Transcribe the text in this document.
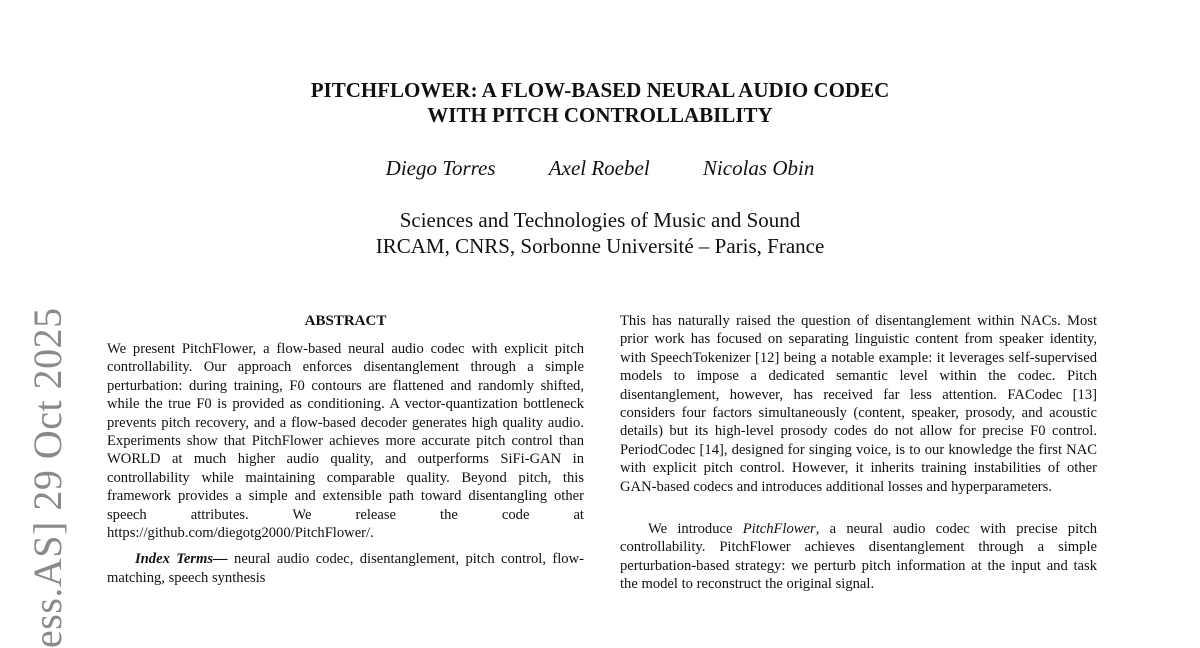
ess.AS] 29 Oct 2025
PITCHFLOWER: A FLOW-BASED NEURAL AUDIO CODEC
WITH PITCH CONTROLLABILITY
Diego Torres	Axel Roebel	Nicolas Obin
Sciences and Technologies of Music and Sound
IRCAM, CNRS, Sorbonne Université – Paris, France
ABSTRACT

We present PitchFlower, a flow-based neural audio codec with explicit pitch controllability. Our approach enforces disentanglement through a simple perturbation: during training, F0 contours are flattened and randomly shifted, while the true F0 is provided as conditioning. A vector-quantization bottleneck prevents pitch recovery, and a flow-based decoder generates high quality audio. Experiments show that PitchFlower achieves more accurate pitch control than WORLD at much higher audio quality, and outperforms SiFi-GAN in controllability while maintaining comparable quality. Beyond pitch, this framework provides a simple and extensible path toward disentangling other speech attributes. We release the code at https://github.com/diegotg2000/PitchFlower/.

Index Terms— neural audio codec, disentanglement, pitch control, flow-matching, speech synthesis

This has naturally raised the question of disentanglement within NACs. Most prior work has focused on separating linguistic content from speaker identity, with SpeechTokenizer [12] being a notable example: it leverages self-supervised models to impose a dedicated semantic level within the codec. Pitch disentanglement, however, has received far less attention. FACodec [13] considers four factors simultaneously (content, speaker, prosody, and acoustic details) but its high-level prosody codes do not allow for precise F0 control. PeriodCodec [14], designed for singing voice, is to our knowledge the first NAC with explicit pitch control. However, it inherits training instabilities of other GAN-based codecs and introduces additional losses and hyperparameters.

We introduce PitchFlower, a neural audio codec with precise pitch controllability. PitchFlower achieves disentanglement through a simple perturbation-based strategy: we perturb pitch information at the input and task the model to reconstruct the original signal.
